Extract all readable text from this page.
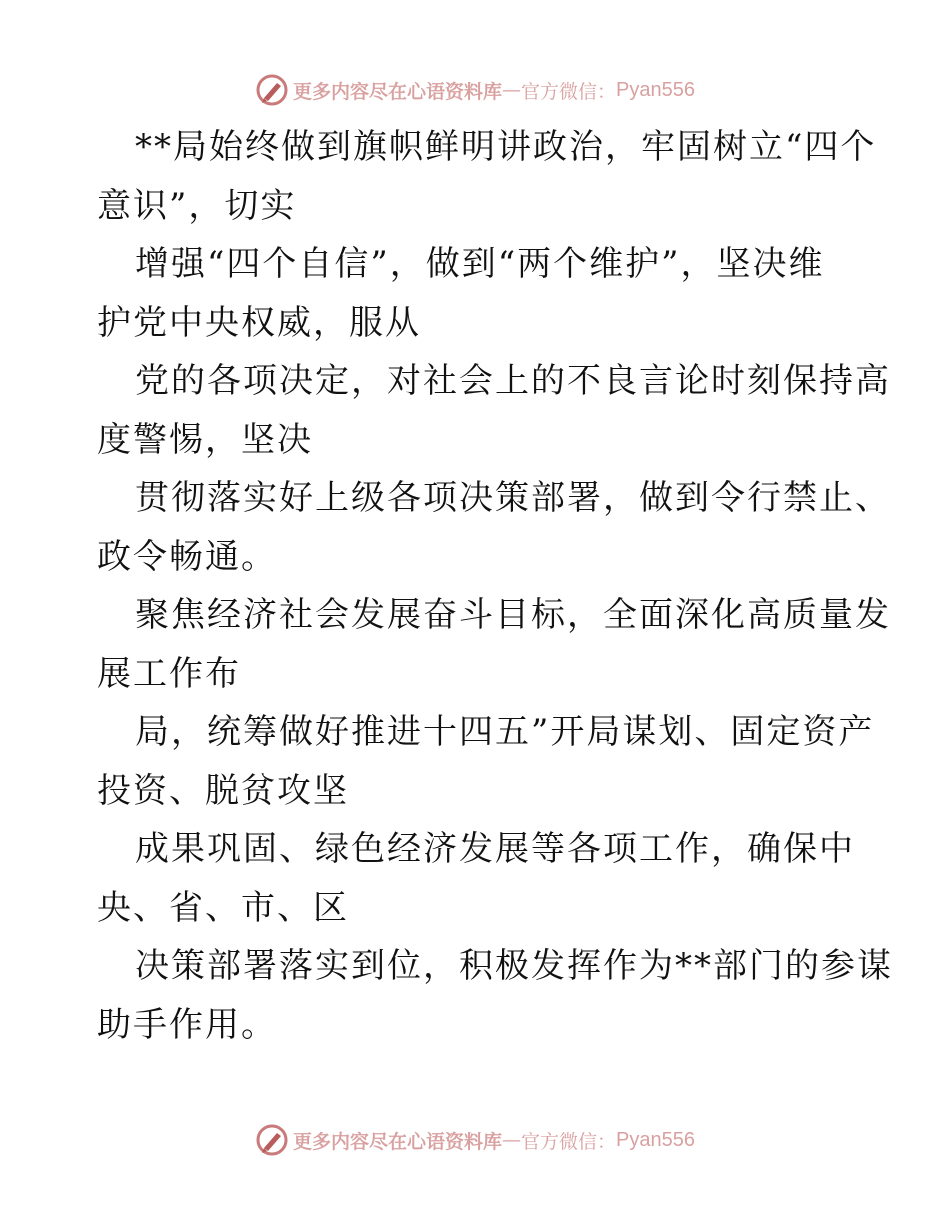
更多内容尽在心语资料库 — 官方微信： Pyan556
**局始终做到旗帜鲜明讲政治，牢固树立“四个
意识”，切实
增强“四个自信”，做到“两个维护”，坚决维
护党中央权威，服从
党的各项决定，对社会上的不良言论时刻保持高
度警惕，坚决
贯彻落实好上级各项决策部署，做到令行禁止、
政令畅通。
聚焦经济社会发展奋斗目标，全面深化高质量发
展工作布
局，统筹做好推进十四五”开局谋划、固定资产
投资、脱贫攻坚
成果巩固、绿色经济发展等各项工作，确保中
央、省、市、区
决策部署落实到位，积极发挥作为**部门的参谋
助手作用。
更多内容尽在心语资料库 — 官方微信： Pyan556
